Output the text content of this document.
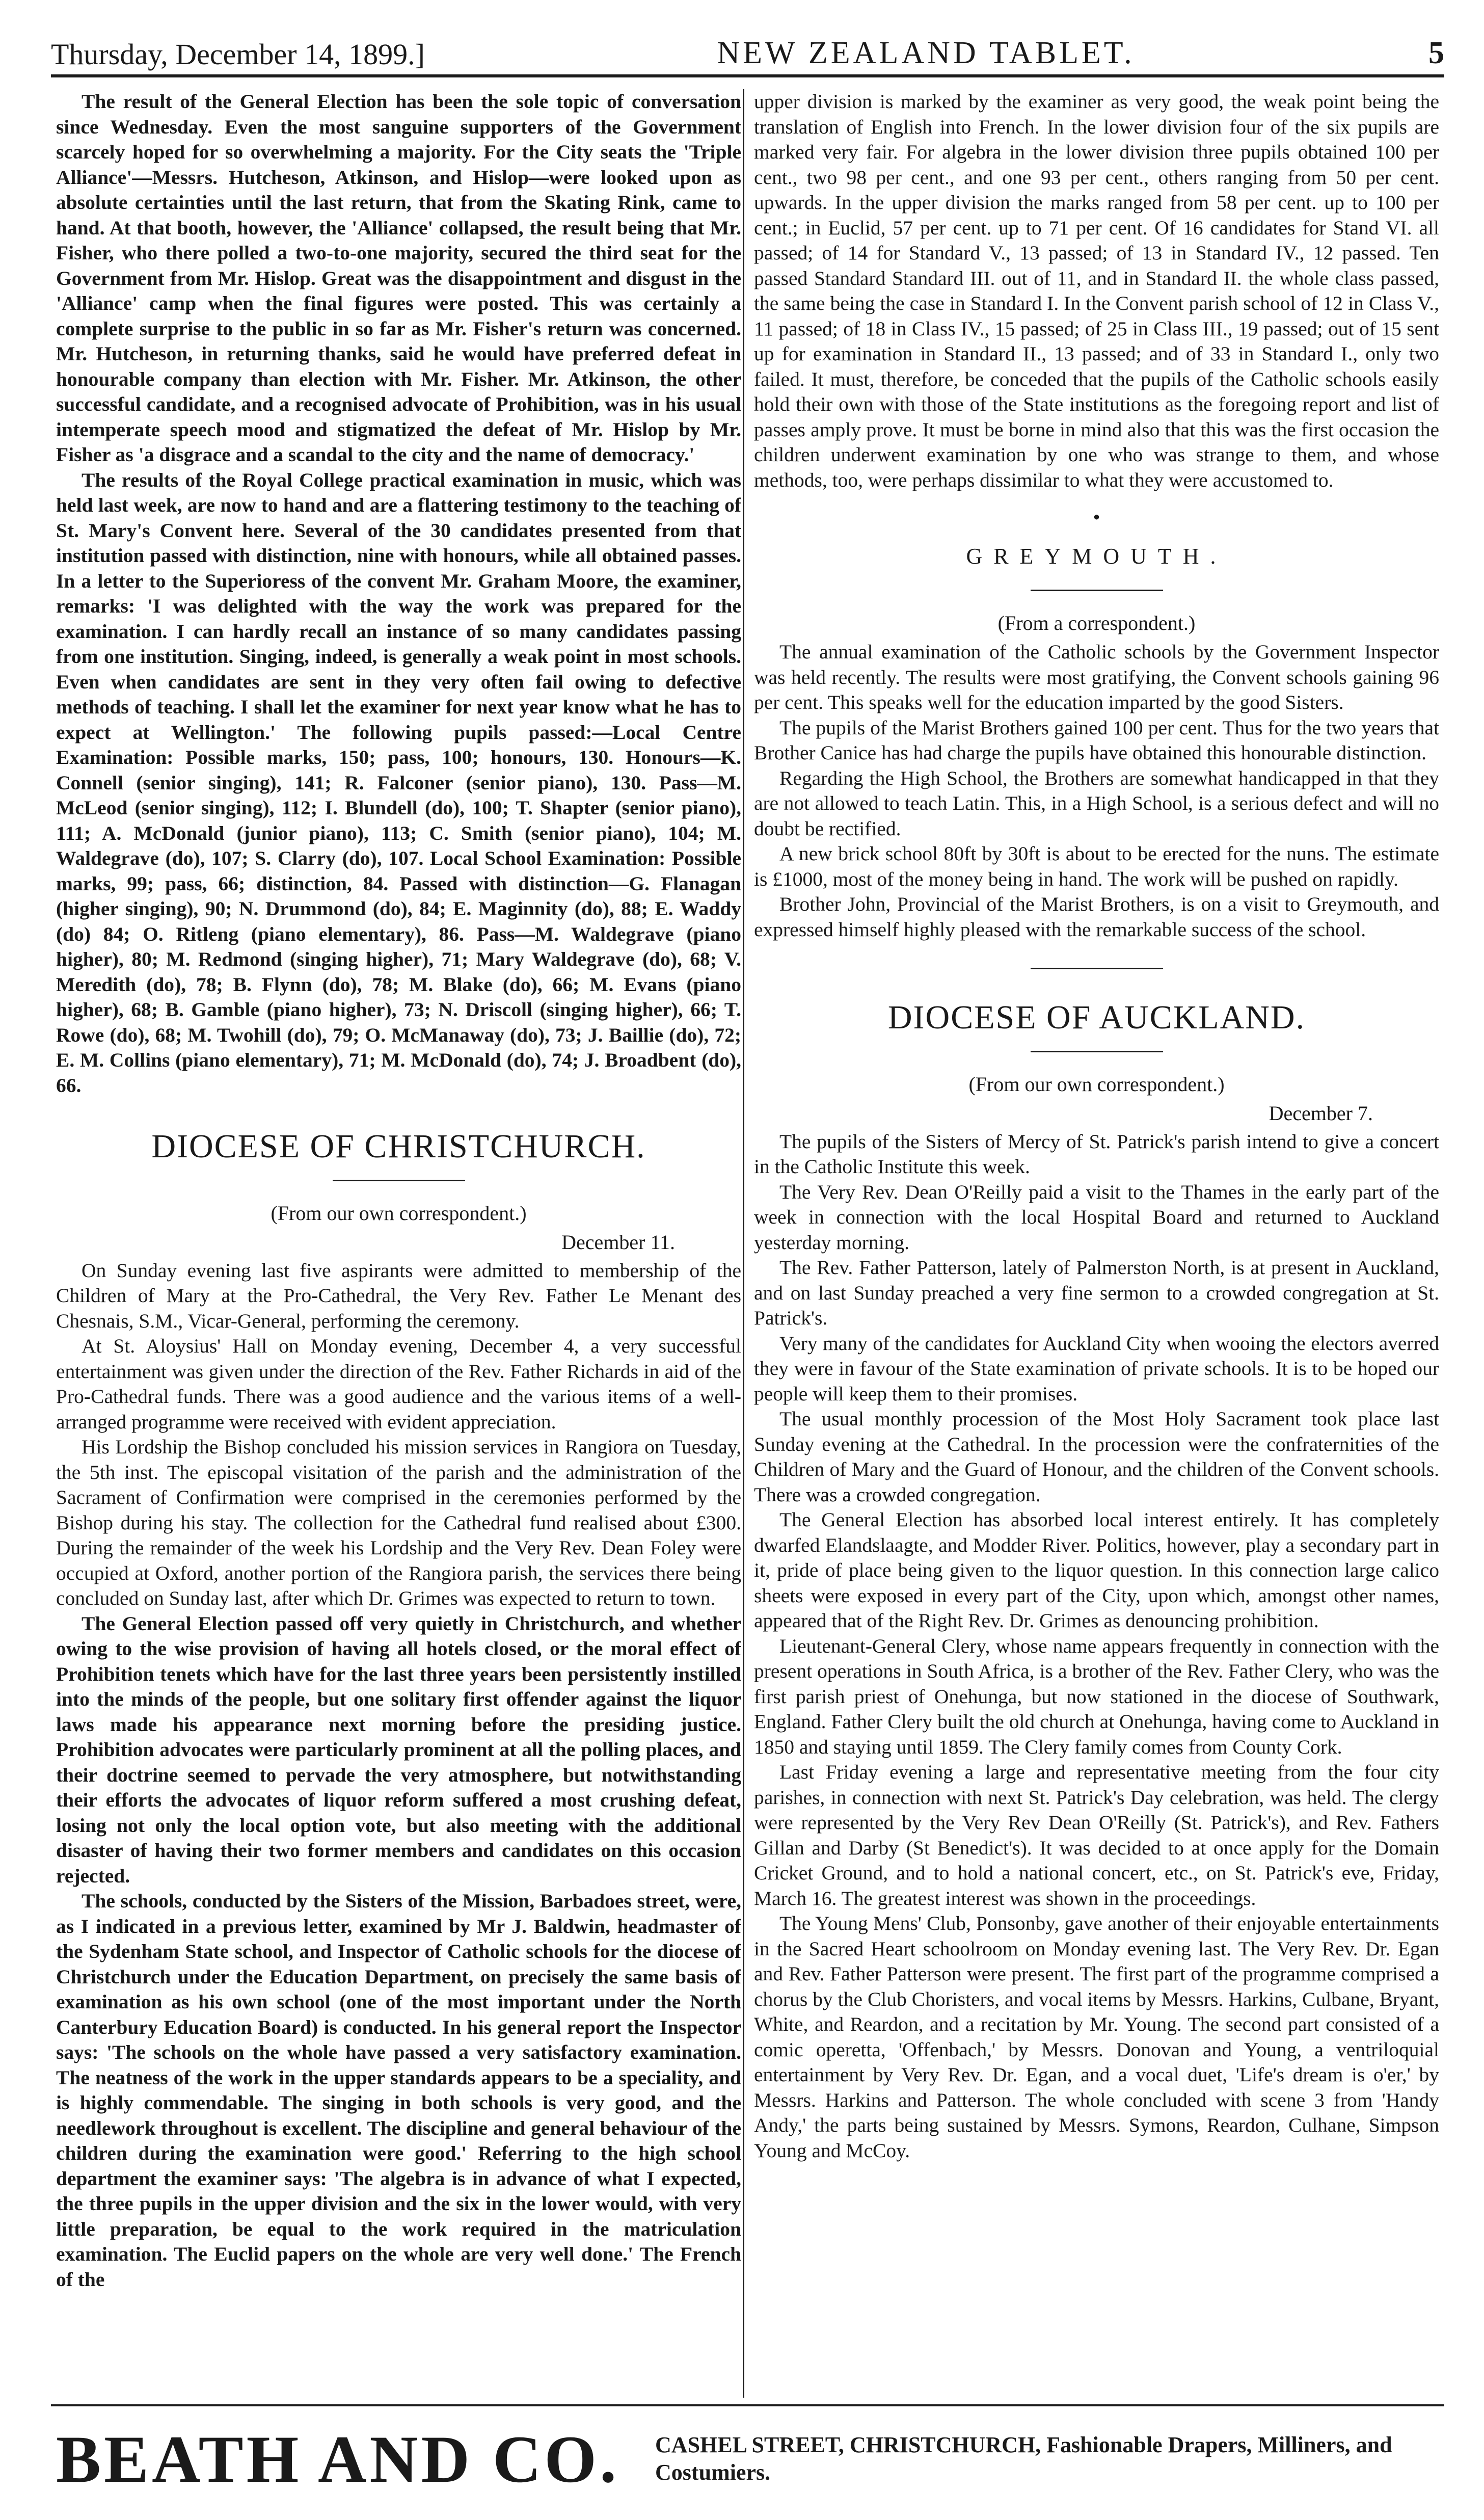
Thursday, December 14, 1899.]	NEW ZEALAND TABLET.	5

The result of the General Election has been the sole topic of conversation since Wednesday. Even the most sanguine supporters of the Government scarcely hoped for so overwhelming a majority. For the City seats the 'Triple Alliance'—Messrs. Hutcheson, Atkinson, and Hislop—were looked upon as absolute certainties until the last return, that from the Skating Rink, came to hand. At that booth, however, the 'Alliance' collapsed, the result being that Mr. Fisher, who there polled a two-to-one majority, secured the third seat for the Government from Mr. Hislop. Great was the disappointment and disgust in the 'Alliance' camp when the final figures were posted. This was certainly a complete surprise to the public in so far as Mr. Fisher's return was concerned. Mr. Hutcheson, in returning thanks, said he would have preferred defeat in honourable company than election with Mr. Fisher. Mr. Atkinson, the other successful candidate, and a recognised advocate of Prohibition, was in his usual intemperate speech mood and stigmatized the defeat of Mr. Hislop by Mr. Fisher as 'a disgrace and a scandal to the city and the name of democracy.'

The results of the Royal College practical examination in music, which was held last week, are now to hand and are a flattering testimony to the teaching of St. Mary's Convent here. Several of the 30 candidates presented from that institution passed with distinction, nine with honours, while all obtained passes. In a letter to the Superioress of the convent Mr. Graham Moore, the examiner, remarks: 'I was delighted with the way the work was prepared for the examination. I can hardly recall an instance of so many candidates passing from one institution. Singing, indeed, is generally a weak point in most schools. Even when candidates are sent in they very often fail owing to defective methods of teaching. I shall let the examiner for next year know what he has to expect at Wellington.' The following pupils passed:—Local Centre Examination: Possible marks, 150; pass, 100; honours, 130. Honours—K. Connell (senior singing), 141; R. Falconer (senior piano), 130. Pass—M. McLeod (senior singing), 112; I. Blundell (do), 100; T. Shapter (senior piano), 111; A. McDonald (junior piano), 113; C. Smith (senior piano), 104; M. Waldegrave (do), 107; S. Clarry (do), 107. Local School Examination: Possible marks, 99; pass, 66; distinction, 84. Passed with distinction—G. Flanagan (higher singing), 90; N. Drummond (do), 84; E. Maginnity (do), 88; E. Waddy (do) 84; O. Ritleng (piano elementary), 86. Pass—M. Waldegrave (piano higher), 80; M. Redmond (singing higher), 71; Mary Waldegrave (do), 68; V. Meredith (do), 78; B. Flynn (do), 78; M. Blake (do), 66; M. Evans (piano higher), 68; B. Gamble (piano higher), 73; N. Driscoll (singing higher), 66; T. Rowe (do), 68; M. Twohill (do), 79; O. McManaway (do), 73; J. Baillie (do), 72; E. M. Collins (piano elementary), 71; M. McDonald (do), 74; J. Broadbent (do), 66.

DIOCESE OF CHRISTCHURCH.
(From our own correspondent.)
December 11.

On Sunday evening last five aspirants were admitted to membership of the Children of Mary at the Pro-Cathedral, the Very Rev. Father Le Menant des Chesnais, S.M., Vicar-General, performing the ceremony.

At St. Aloysius' Hall on Monday evening, December 4, a very successful entertainment was given under the direction of the Rev. Father Richards in aid of the Pro-Cathedral funds. There was a good audience and the various items of a well-arranged programme were received with evident appreciation.

His Lordship the Bishop concluded his mission services in Rangiora on Tuesday, the 5th inst. The episcopal visitation of the parish and the administration of the Sacrament of Confirmation were comprised in the ceremonies performed by the Bishop during his stay. The collection for the Cathedral fund realised about £300. During the remainder of the week his Lordship and the Very Rev. Dean Foley were occupied at Oxford, another portion of the Rangiora parish, the services there being concluded on Sunday last, after which Dr. Grimes was expected to return to town.

The General Election passed off very quietly in Christchurch, and whether owing to the wise provision of having all hotels closed, or the moral effect of Prohibition tenets which have for the last three years been persistently instilled into the minds of the people, but one solitary first offender against the liquor laws made his appearance next morning before the presiding justice. Prohibition advocates were particularly prominent at all the polling places, and their doctrine seemed to pervade the very atmosphere, but notwithstanding their efforts the advocates of liquor reform suffered a most crushing defeat, losing not only the local option vote, but also meeting with the additional disaster of having their two former members and candidates on this occasion rejected.

The schools, conducted by the Sisters of the Mission, Barbadoes street, were, as I indicated in a previous letter, examined by Mr J. Baldwin, headmaster of the Sydenham State school, and Inspector of Catholic schools for the diocese of Christchurch under the Education Department, on precisely the same basis of examination as his own school (one of the most important under the North Canterbury Education Board) is conducted. In his general report the Inspector says: 'The schools on the whole have passed a very satisfactory examination. The neatness of the work in the upper standards appears to be a speciality, and is highly commendable. The singing in both schools is very good, and the needlework throughout is excellent. The discipline and general behaviour of the children during the examination were good.' Referring to the high school department the examiner says: 'The algebra is in advance of what I expected, the three pupils in the upper division and the six in the lower would, with very little preparation, be equal to the work required in the matriculation examination. The Euclid papers on the whole are very well done.' The French of the

upper division is marked by the examiner as very good, the weak point being the translation of English into French. In the lower division four of the six pupils are marked very fair. For algebra in the lower division three pupils obtained 100 per cent., two 98 per cent., and one 93 per cent., others ranging from 50 per cent. upwards. In the upper division the marks ranged from 58 per cent. up to 100 per cent.; in Euclid, 57 per cent. up to 71 per cent. Of 16 candidates for Stand VI. all passed; of 14 for Standard V., 13 passed; of 13 in Standard IV., 12 passed. Ten passed Standard Standard III. out of 11, and in Standard II. the whole class passed, the same being the case in Standard I. In the Convent parish school of 12 in Class V., 11 passed; of 18 in Class IV., 15 passed; of 25 in Class III., 19 passed; out of 15 sent up for examination in Standard II., 13 passed; and of 33 in Standard I., only two failed. It must, therefore, be conceded that the pupils of the Catholic schools easily hold their own with those of the State institutions as the foregoing report and list of passes amply prove. It must be borne in mind also that this was the first occasion the children underwent examination by one who was strange to them, and whose methods, too, were perhaps dissimilar to what they were accustomed to.

•
GREYMOUTH.
(From a correspondent.)

The annual examination of the Catholic schools by the Government Inspector was held recently. The results were most gratifying, the Convent schools gaining 96 per cent. This speaks well for the education imparted by the good Sisters.

The pupils of the Marist Brothers gained 100 per cent. Thus for the two years that Brother Canice has had charge the pupils have obtained this honourable distinction.

Regarding the High School, the Brothers are somewhat handicapped in that they are not allowed to teach Latin. This, in a High School, is a serious defect and will no doubt be rectified.

A new brick school 80ft by 30ft is about to be erected for the nuns. The estimate is £1000, most of the money being in hand. The work will be pushed on rapidly.

Brother John, Provincial of the Marist Brothers, is on a visit to Greymouth, and expressed himself highly pleased with the remarkable success of the school.

DIOCESE OF AUCKLAND.
(From our own correspondent.)
December 7.

The pupils of the Sisters of Mercy of St. Patrick's parish intend to give a concert in the Catholic Institute this week.

The Very Rev. Dean O'Reilly paid a visit to the Thames in the early part of the week in connection with the local Hospital Board and returned to Auckland yesterday morning.

The Rev. Father Patterson, lately of Palmerston North, is at present in Auckland, and on last Sunday preached a very fine sermon to a crowded congregation at St. Patrick's.

Very many of the candidates for Auckland City when wooing the electors averred they were in favour of the State examination of private schools. It is to be hoped our people will keep them to their promises.

The usual monthly procession of the Most Holy Sacrament took place last Sunday evening at the Cathedral. In the procession were the confraternities of the Children of Mary and the Guard of Honour, and the children of the Convent schools. There was a crowded congregation.

The General Election has absorbed local interest entirely. It has completely dwarfed Elandslaagte, and Modder River. Politics, however, play a secondary part in it, pride of place being given to the liquor question. In this connection large calico sheets were exposed in every part of the City, upon which, amongst other names, appeared that of the Right Rev. Dr. Grimes as denouncing prohibition.

Lieutenant-General Clery, whose name appears frequently in connection with the present operations in South Africa, is a brother of the Rev. Father Clery, who was the first parish priest of Onehunga, but now stationed in the diocese of Southwark, England. Father Clery built the old church at Onehunga, having come to Auckland in 1850 and staying until 1859. The Clery family comes from County Cork.

Last Friday evening a large and representative meeting from the four city parishes, in connection with next St. Patrick's Day celebration, was held. The clergy were represented by the Very Rev Dean O'Reilly (St. Patrick's), and Rev. Fathers Gillan and Darby (St Benedict's). It was decided to at once apply for the Domain Cricket Ground, and to hold a national concert, etc., on St. Patrick's eve, Friday, March 16. The greatest interest was shown in the proceedings.

The Young Mens' Club, Ponsonby, gave another of their enjoyable entertainments in the Sacred Heart schoolroom on Monday evening last. The Very Rev. Dr. Egan and Rev. Father Patterson were present. The first part of the programme comprised a chorus by the Club Choristers, and vocal items by Messrs. Harkins, Culbane, Bryant, White, and Reardon, and a recitation by Mr. Young. The second part consisted of a comic operetta, 'Offenbach,' by Messrs. Donovan and Young, a ventriloquial entertainment by Very Rev. Dr. Egan, and a vocal duet, 'Life's dream is o'er,' by Messrs. Harkins and Patterson. The whole concluded with scene 3 from 'Handy Andy,' the parts being sustained by Messrs. Symons, Reardon, Culhane, Simpson Young and McCoy.

BEATH AND CO. CASHEL STREET, CHRISTCHURCH, Fashionable Drapers, Milliners, and
Costumiers.
